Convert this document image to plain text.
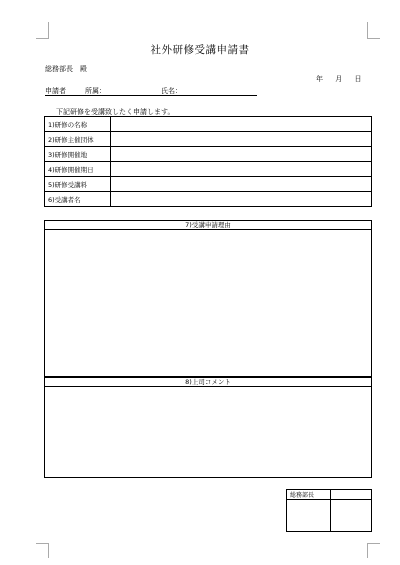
社外研修受講申請書
総務部長　殿
年 月 日
申請者	所属：	氏名：
下記研修を受講致したく申請します。
1)研修の名称	
2)研修主催団体	
3)研修開催地	
4)研修開催期日	
5)研修受講料	
6)受講者名	
7)受講申請理由
8)上司コメント
総務部長	
